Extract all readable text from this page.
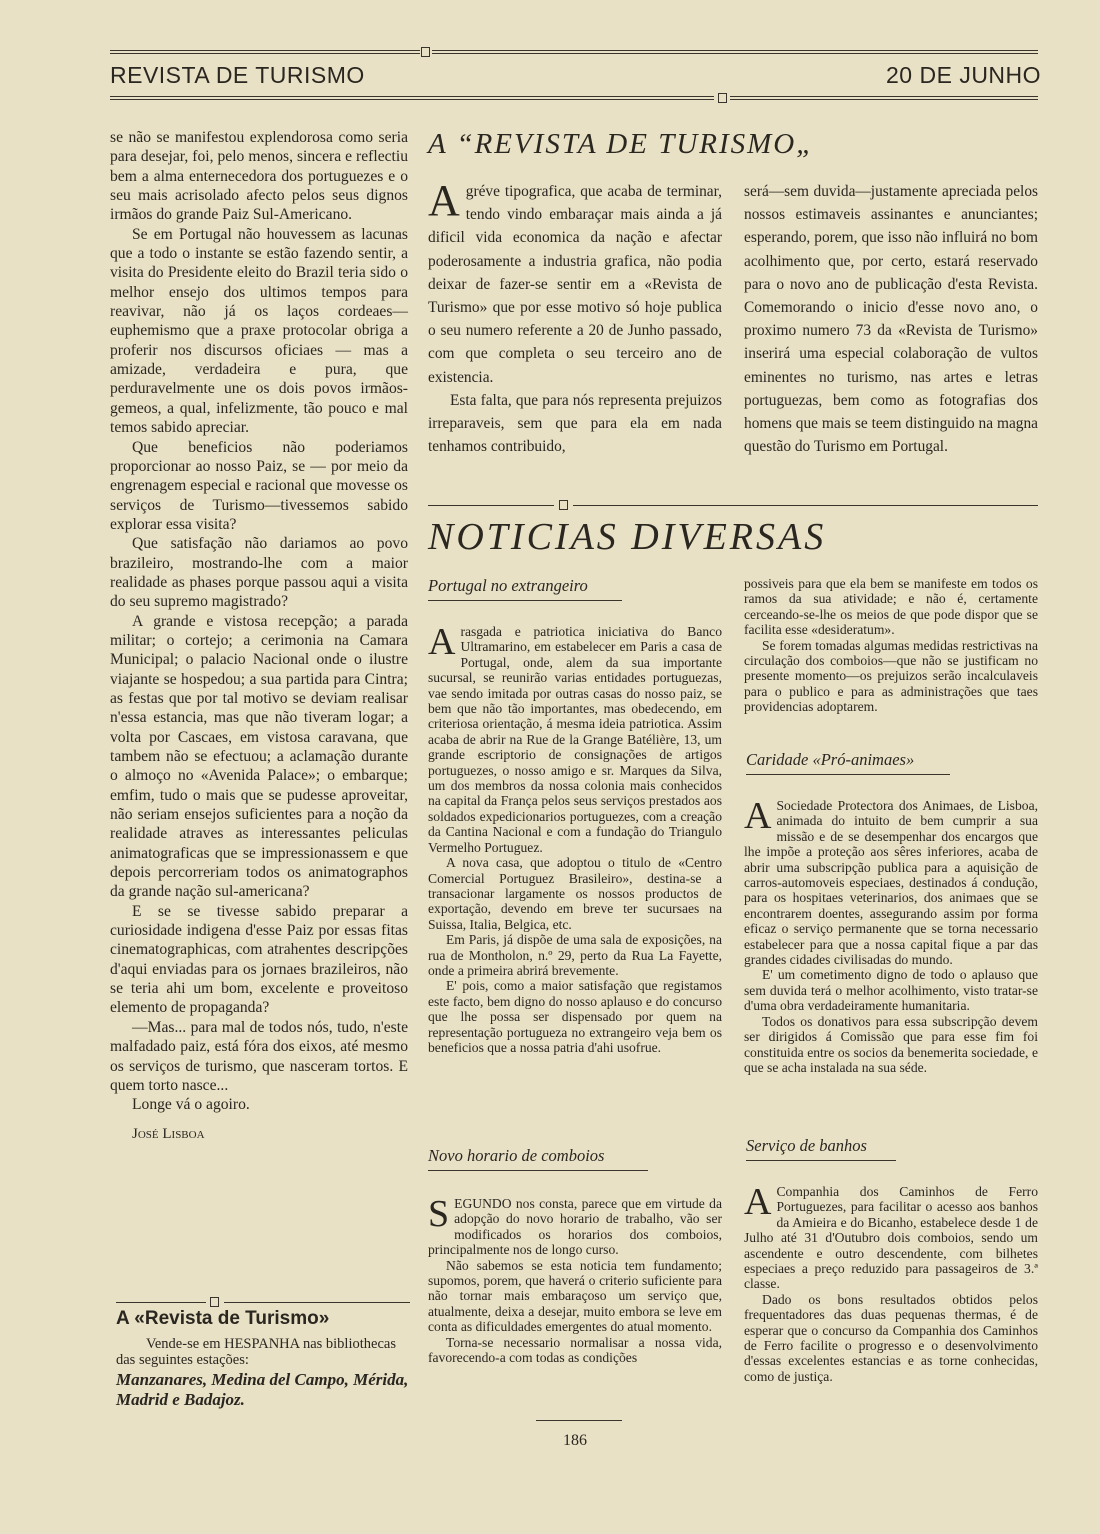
REVISTA DE TURISMO	20 DE JUNHO

se não se manifestou explendorosa como seria para desejar, foi, pelo menos, sincera e reflectiu bem a alma enternecedora dos portuguezes e o seu mais acrisolado afecto pelos seus dignos irmãos do grande Paiz Sul-Americano.

Se em Portugal não houvessem as lacunas que a todo o instante se estão fazendo sentir, a visita do Presidente eleito do Brazil teria sido o melhor ensejo dos ultimos tempos para reavivar, não já os laços cordeaes— euphemismo que a praxe protocolar obriga a proferir nos discursos oficiaes — mas a amizade, verdadeira e pura, que perduravelmente une os dois povos irmãos-gemeos, a qual, infelizmente, tão pouco e mal temos sabido apreciar.

Que beneficios não poderiamos proporcionar ao nosso Paiz, se — por meio da engrenagem especial e racional que movesse os serviços de Turismo—tivessemos sabido explorar essa visita?

Que satisfação não dariamos ao povo brazileiro, mostrando-lhe com a maior realidade as phases porque passou aqui a visita do seu supremo magistrado?

A grande e vistosa recepção; a parada militar; o cortejo; a cerimonia na Camara Municipal; o palacio Nacional onde o ilustre viajante se hospedou; a sua partida para Cintra; as festas que por tal motivo se deviam realisar n'essa estancia, mas que não tiveram logar; a volta por Cascaes, em vistosa caravana, que tambem não se efectuou; a aclamação durante o almoço no «Avenida Palace»; o embarque; emfim, tudo o mais que se pudesse aproveitar, não seriam ensejos suficientes para a noção da realidade atraves as interessantes peliculas animatograficas que se impressionassem e que depois percorreriam todos os animatographos da grande nação sul-americana?

E se se tivesse sabido preparar a curiosidade indigena d'esse Paiz por essas fitas cinematographicas, com atrahentes descripções d'aqui enviadas para os jornaes brazileiros, não se teria ahi um bom, excelente e proveitoso elemento de propaganda?

—Mas... para mal de todos nós, tudo, n'este malfadado paiz, está fóra dos eixos, até mesmo os serviços de turismo, que nasceram tortos. E quem torto nasce...

Longe vá o agoiro.

José Lisboa

A «Revista de Turismo»
Vende-se em HESPANHA nas bibliothecas das seguintes estações:
Manzanares, Medina del Campo, Mérida, Madrid e Badajoz.
A “REVISTA DE TURISMO„

Agréve tipografica, que acaba de terminar, tendo vindo embaraçar mais ainda a já dificil vida economica da nação e afectar poderosamente a industria grafica, não podia deixar de fazer-se sentir em a «Revista de Turismo» que por esse motivo só hoje publica o seu numero referente a 20 de Junho passado, com que completa o seu terceiro ano de existencia.

Esta falta, que para nós representa prejuizos irreparaveis, sem que para ela em nada tenhamos contribuido,

será—sem duvida—justamente apreciada pelos nossos estimaveis assinantes e anunciantes; esperando, porem, que isso não influirá no bom acolhimento que, por certo, estará reservado para o novo ano de publicação d'esta Revista. Comemorando o inicio d'esse novo ano, o proximo numero 73 da «Revista de Turismo» inserirá uma especial colaboração de vultos eminentes no turismo, nas artes e letras portuguezas, bem como as fotografias dos homens que mais se teem distinguido na magna questão do Turismo em Portugal.

NOTICIAS DIVERSAS
Portugal no extrangeiro

Arasgada e patriotica iniciativa do Banco Ultramarino, em estabelecer em Paris a casa de Portugal, onde, alem da sua importante sucursal, se reunirão varias entidades portuguezas, vae sendo imitada por outras casas do nosso paiz, se bem que não tão importantes, mas obedecendo, em criteriosa orientação, á mesma ideia patriotica. Assim acaba de abrir na Rue de la Grange Batélière, 13, um grande escriptorio de consignações de artigos portuguezes, o nosso amigo e sr. Marques da Silva, um dos membros da nossa colonia mais conhecidos na capital da França pelos seus serviços prestados aos soldados expedicionarios portuguezes, com a creação da Cantina Nacional e com a fundação do Triangulo Vermelho Portuguez.

A nova casa, que adoptou o titulo de «Centro Comercial Portuguez Brasileiro», destina-se a transacionar largamente os nossos productos de exportação, devendo em breve ter sucursaes na Suissa, Italia, Belgica, etc.

Em Paris, já dispõe de uma sala de exposições, na rua de Montholon, n.º 29, perto da Rua La Fayette, onde a primeira abrirá brevemente.

E' pois, como a maior satisfação que registamos este facto, bem digno do nosso aplauso e do concurso que lhe possa ser dispensado por quem na representação portugueza no extrangeiro veja bem os beneficios que a nossa patria d'ahi usofrue.

Novo horario de comboios

SEGUNDO nos consta, parece que em virtude da adopção do novo horario de trabalho, vão ser modificados os horarios dos comboios, principalmente nos de longo curso.

Não sabemos se esta noticia tem fundamento; supomos, porem, que haverá o criterio suficiente para não tornar mais embaraçoso um serviço que, atualmente, deixa a desejar, muito embora se leve em conta as dificuldades emergentes do atual momento.

Torna-se necessario normalisar a nossa vida, favorecendo-a com todas as condições

possiveis para que ela bem se manifeste em todos os ramos da sua atividade; e não é, certamente cerceando-se-lhe os meios de que pode dispor que se facilita esse «desideratum».

Se forem tomadas algumas medidas restrictivas na circulação dos comboios—que não se justificam no presente momento—os prejuizos serão incalculaveis para o publico e para as administrações que taes providencias adoptarem.

Caridade «Pró-animaes»

A Sociedade Protectora dos Animaes, de Lisboa, animada do intuito de bem cumprir a sua missão e de se desempenhar dos encargos que lhe impõe a proteção aos sêres inferiores, acaba de abrir uma subscripção publica para a aquisição de carros-automoveis especiaes, destinados á condução, para os hospitaes veterinarios, dos animaes que se encontrarem doentes, assegurando assim por forma eficaz o serviço permanente que se torna necessario estabelecer para que a nossa capital fique a par das grandes cidades civilisadas do mundo.

E' um cometimento digno de todo o aplauso que sem duvida terá o melhor acolhimento, visto tratar-se d'uma obra verdadeiramente humanitaria.

Todos os donativos para essa subscripção devem ser dirigidos á Comissão que para esse fim foi constituida entre os socios da benemerita sociedade, e que se acha instalada na sua séde.

Serviço de banhos

A Companhia dos Caminhos de Ferro Portuguezes, para facilitar o acesso aos banhos da Amieira e do Bicanho, estabelece desde 1 de Julho até 31 d'Outubro dois comboios, sendo um ascendente e outro descendente, com bilhetes especiaes a preço reduzido para passageiros de 3.ª classe.

Dado os bons resultados obtidos pelos frequentadores das duas pequenas thermas, é de esperar que o concurso da Companhia dos Caminhos de Ferro facilite o progresso e o desenvolvimento d'essas excelentes estancias e as torne conhecidas, como de justiça.

186
